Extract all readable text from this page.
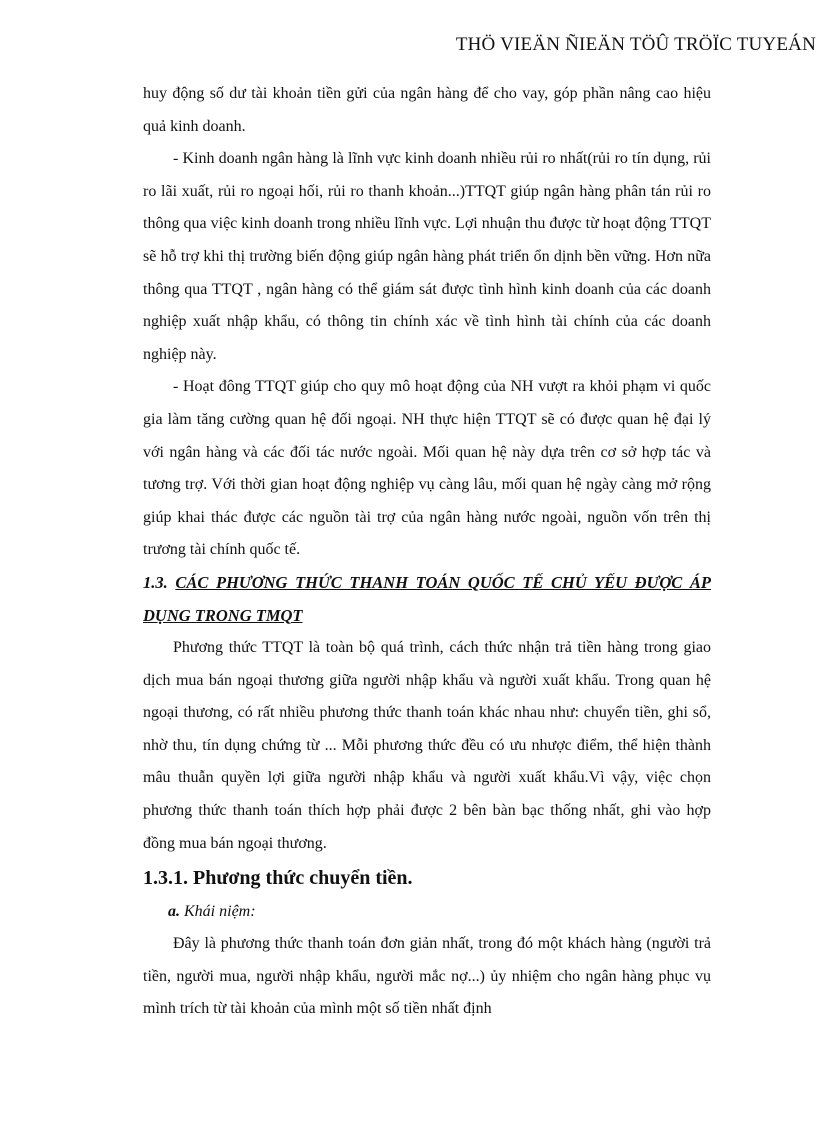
THÖ VIEÄN ÑIEÄN TÖÛ TRÖÏC TUYEÁN

huy động số dư tài khoản tiền gửi của ngân hàng để cho vay, góp phần nâng cao hiệu quả kinh doanh.

- Kinh doanh ngân hàng là lĩnh vực kinh doanh nhiều rủi ro nhất(rủi ro tín dụng, rủi ro lãi xuất, rủi ro ngoại hối, rủi ro thanh khoản...)TTQT giúp ngân hàng phân tán rủi ro thông qua việc kinh doanh trong nhiều lĩnh vực. Lợi nhuận thu được từ hoạt động TTQT sẽ hỗ trợ khi thị trường biến động giúp ngân hàng phát triển ổn dịnh bền vững. Hơn nữa thông qua TTQT , ngân hàng có thể giám sát được tình hình kinh doanh của các doanh nghiệp xuất nhập khẩu, có thông tin chính xác về tình hình tài chính của các doanh nghiệp này.

- Hoạt đông TTQT giúp cho quy mô hoạt động của NH vượt ra khỏi phạm vi quốc gia làm tăng cường quan hệ đối ngoại. NH thực hiện TTQT sẽ có được quan hệ đại lý với ngân hàng và các đối tác nước ngoài. Mối quan hệ này dựa trên cơ sở hợp tác và tương trợ. Với thời gian hoạt động nghiệp vụ càng lâu, mối quan hệ ngày càng mở rộng giúp khai thác được các nguồn tài trợ của ngân hàng nước ngoài, nguồn vốn trên thị trương tài chính quốc tế.

1.3. CÁC PHƯƠNG THỨC THANH TOÁN QUỐC TẾ CHỦ YẾU ĐƯỢC ÁP DỤNG TRONG TMQT

Phương thức TTQT là toàn bộ quá trình, cách thức nhận trả tiền hàng trong giao dịch mua bán ngoại thương giữa người nhập khẩu và người xuất khẩu. Trong quan hệ ngoại thương, có rất nhiều phương thức thanh toán khác nhau như: chuyển tiền, ghi sổ, nhờ thu, tín dụng chứng từ ... Mỗi phương thức đều có ưu nhược điểm, thể hiện thành mâu thuẫn quyền lợi giữa người nhập khẩu và người xuất khẩu.Vì vậy, việc chọn phương thức thanh toán thích hợp phải được 2 bên bàn bạc thống nhất, ghi vào hợp đồng mua bán ngoại thương.

1.3.1. Phương thức chuyển tiền.

a. Khái niệm:

Đây là phương thức thanh toán đơn giản nhất, trong đó một khách hàng (người trả tiền, người mua, người nhập khẩu, người mắc nợ...) ủy nhiệm cho ngân hàng phục vụ mình trích từ tài khoản của mình một số tiền nhất định
